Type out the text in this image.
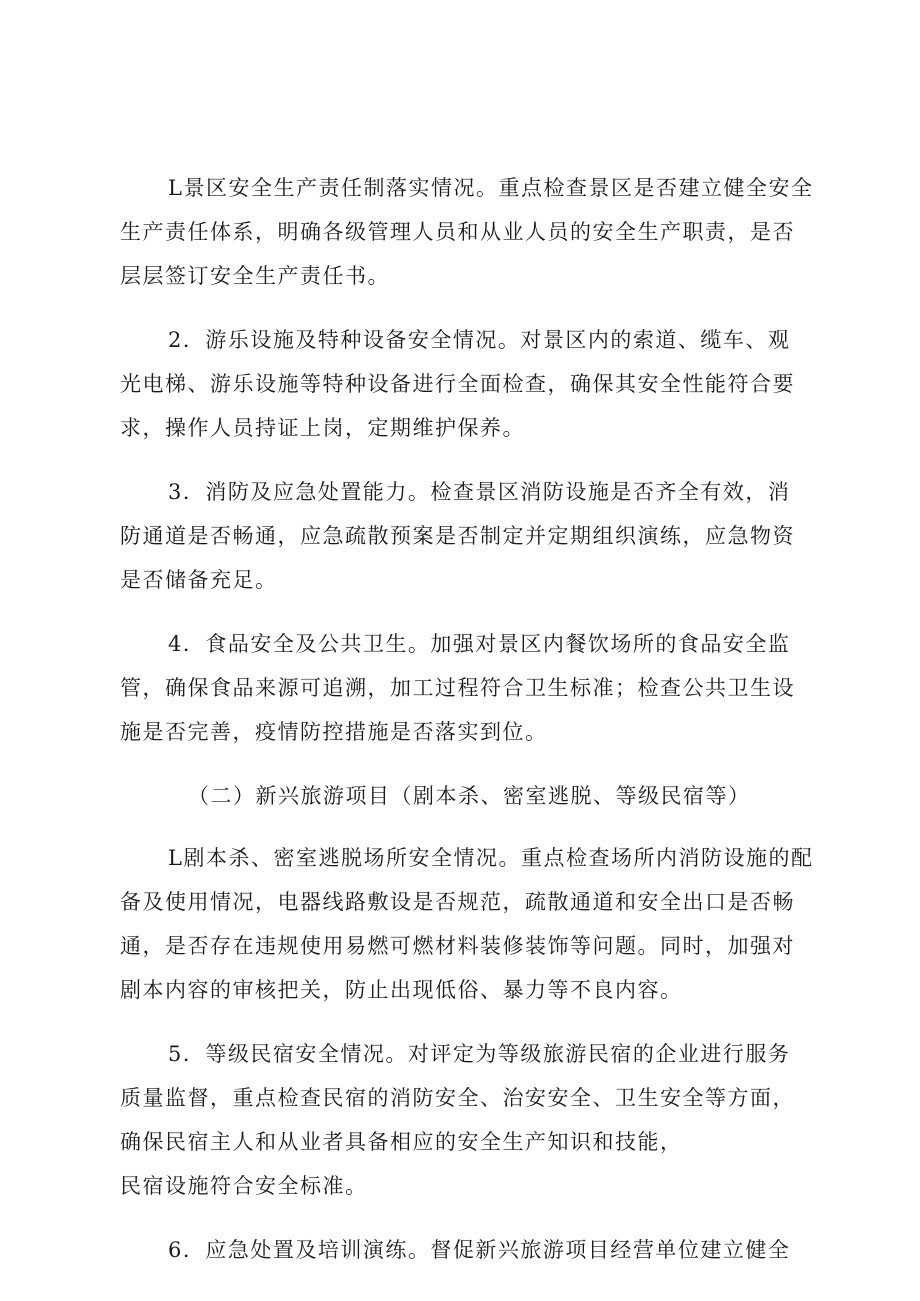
L景区安全生产责任制落实情况。重点检查景区是否建立健全安全
生产责任体系，明确各级管理人员和从业人员的安全生产职责，是否
层层签订安全生产责任书。
2．游乐设施及特种设备安全情况。对景区内的索道、缆车、观
光电梯、游乐设施等特种设备进行全面检查，确保其安全性能符合要
求，操作人员持证上岗，定期维护保养。
3．消防及应急处置能力。检查景区消防设施是否齐全有效，消
防通道是否畅通，应急疏散预案是否制定并定期组织演练，应急物资
是否储备充足。
4．食品安全及公共卫生。加强对景区内餐饮场所的食品安全监
管，确保食品来源可追溯，加工过程符合卫生标准；检查公共卫生设
施是否完善，疫情防控措施是否落实到位。
（二）新兴旅游项目（剧本杀、密室逃脱、等级民宿等）
L剧本杀、密室逃脱场所安全情况。重点检查场所内消防设施的配
备及使用情况，电器线路敷设是否规范，疏散通道和安全出口是否畅
通，是否存在违规使用易燃可燃材料装修装饰等问题。同时，加强对
剧本内容的审核把关，防止出现低俗、暴力等不良内容。
5．等级民宿安全情况。对评定为等级旅游民宿的企业进行服务
质量监督，重点检查民宿的消防安全、治安安全、卫生安全等方面，
确保民宿主人和从业者具备相应的安全生产知识和技能，
民宿设施符合安全标准。
6．应急处置及培训演练。督促新兴旅游项目经营单位建立健全
